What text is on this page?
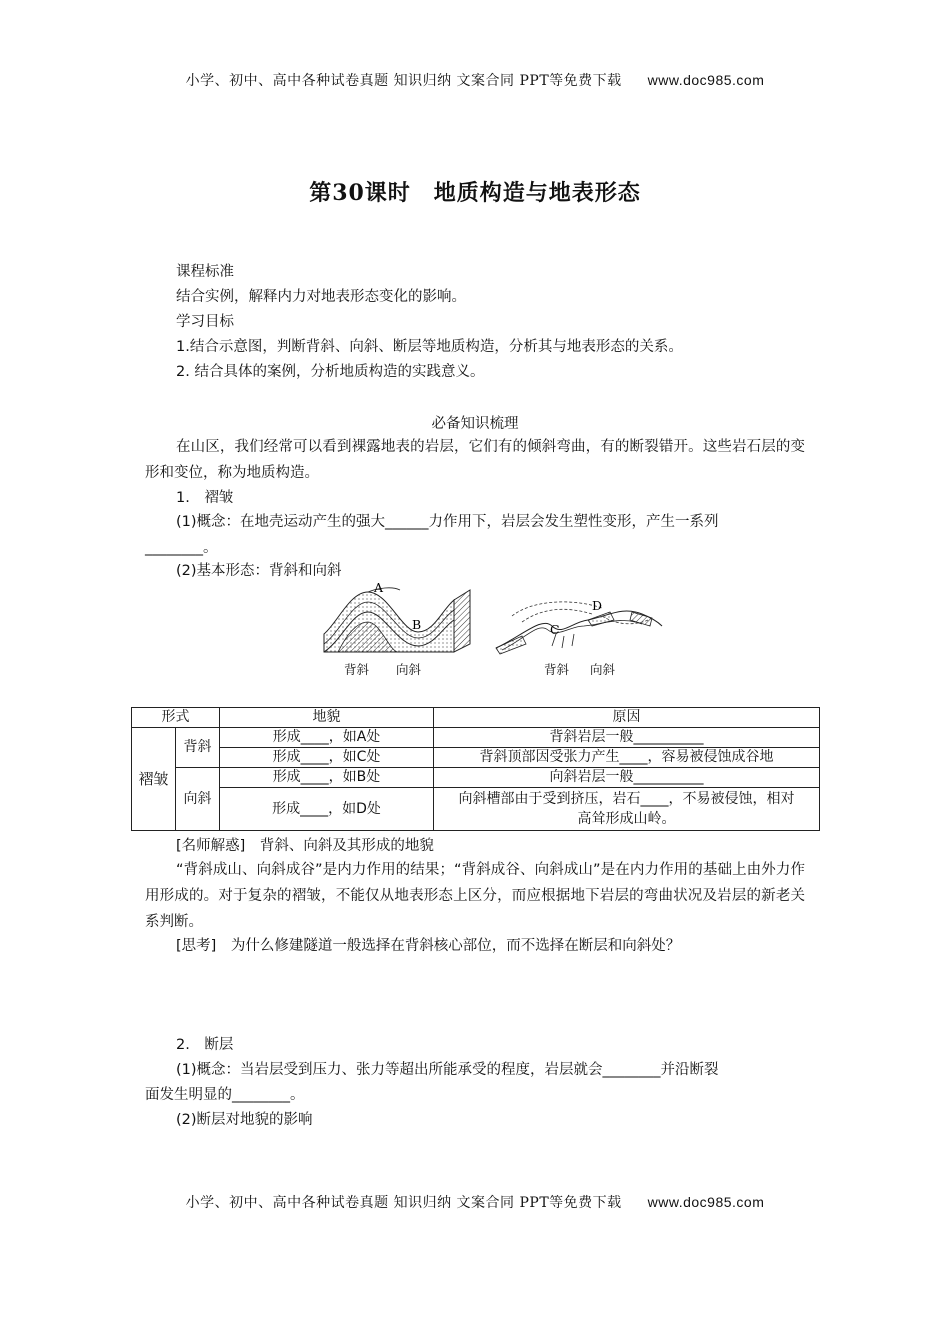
小学、初中、高中各种试卷真题 知识归纳 文案合同 PPT等免费下载 www.doc985.com
第30课时　地质构造与地表形态
课程标准
结合实例，解释内力对地表形态变化的影响。
学习目标
1.结合示意图，判断背斜、向斜、断层等地质构造，分析其与地表形态的关系。
2. 结合具体的案例，分析地质构造的实践意义。
必备知识梳理
在山区，我们经常可以看到裸露地表的岩层，它们有的倾斜弯曲，有的断裂错开。这些岩石层的变形和变位，称为地质构造。
1.　褶皱
(1)概念：在地壳运动产生的强大______力作用下，岩层会发生塑性变形，产生一系列
________。
(2)基本形态：背斜和向斜
A
B
背斜 向斜
C
D
背斜 向斜
形式		地貌	原因
褶皱	背斜	形成____，如A处	背斜岩层一般__________
		形成____，如C处	背斜顶部因受张力产生____，容易被侵蚀成谷地
	向斜	形成____，如B处	向斜岩层一般__________
		形成____，如D处	向斜槽部由于受到挤压，岩石____，不易被侵蚀，相对高耸形成山岭。
[名师解惑]　背斜、向斜及其形成的地貌
“背斜成山、向斜成谷”是内力作用的结果；“背斜成谷、向斜成山”是在内力作用的基础上由外力作用形成的。对于复杂的褶皱，不能仅从地表形态上区分，而应根据地下岩层的弯曲状况及岩层的新老关系判断。
[思考]　为什么修建隧道一般选择在背斜核心部位，而不选择在断层和向斜处？
2.　断层
(1)概念：当岩层受到压力、张力等超出所能承受的程度，岩层就会________并沿断裂
面发生明显的________。
(2)断层对地貌的影响
小学、初中、高中各种试卷真题 知识归纳 文案合同 PPT等免费下载 www.doc985.com
